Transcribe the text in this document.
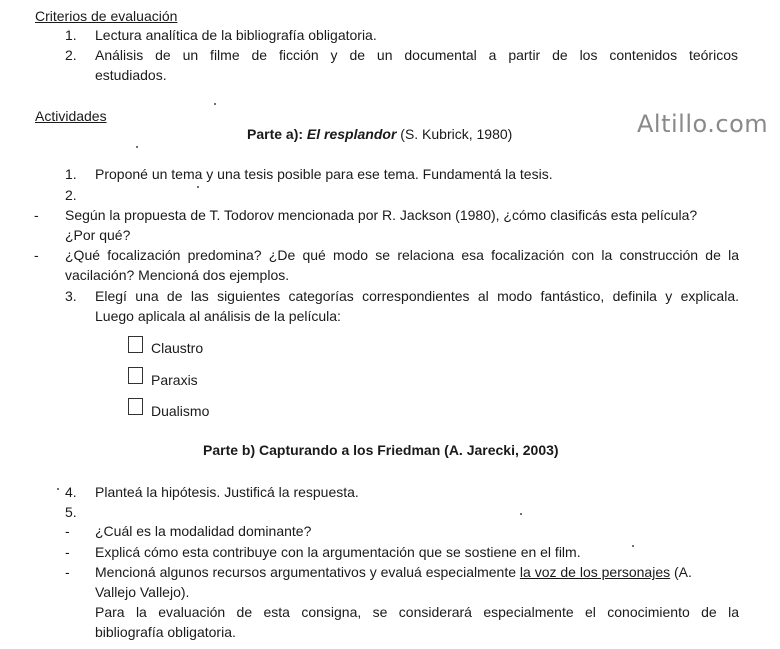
Criterios de evaluación
1. Lectura analítica de la bibliografía obligatoria.
2. Análisis de un filme de ficción y de un documental a partir de los contenidos teóricos
estudiados.
Actividades	Altillo.com
Parte a): El resplandor (S. Kubrick, 1980)
1. Proponé un tema y una tesis posible para ese tema. Fundamentá la tesis.
2.
- Según la propuesta de T. Todorov mencionada por R. Jackson (1980), ¿cómo clasificás esta película?
¿Por qué?
- ¿Qué focalización predomina? ¿De qué modo se relaciona esa focalización con la construcción de la
vacilación? Mencioná dos ejemplos.
3. Elegí una de las siguientes categorías correspondientes al modo fantástico, definila y explicala.
Luego aplicala al análisis de la película:
Claustro
Paraxis
Dualismo
Parte b) Capturando a los Friedman (A. Jarecki, 2003)
4. Planteá la hipótesis. Justificá la respuesta.
5.
- ¿Cuál es la modalidad dominante?
- Explicá cómo esta contribuye con la argumentación que se sostiene en el film.
- Mencioná algunos recursos argumentativos y evaluá especialmente la voz de los personajes (A.
Vallejo Vallejo).
Para la evaluación de esta consigna, se considerará especialmente el conocimiento de la
bibliografía obligatoria.
